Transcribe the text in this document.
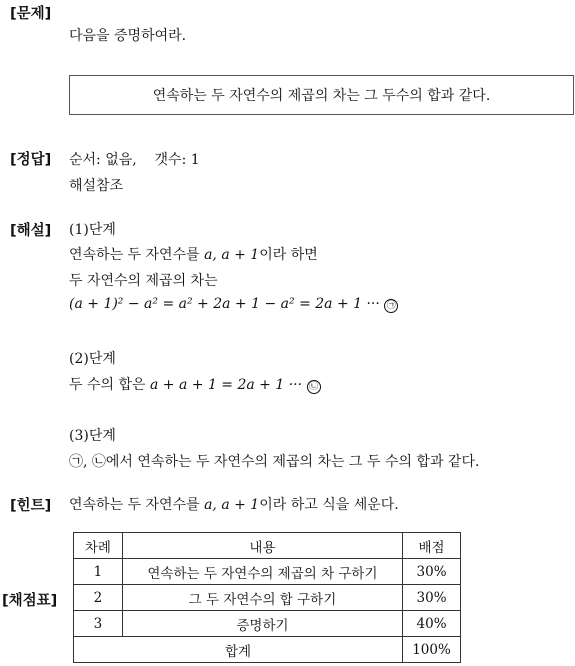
[문제]
다음을 증명하여라.
연속하는 두 자연수의 제곱의 차는 그 두수의 합과 같다.
[정답] 순서: 없음, 갯수: 1
해설참조
[해설] (1)단계
연속하는 두 자연수를 a, a + 1이라 하면
두 자연수의 제곱의 차는
(a + 1)² − a² = a² + 2a + 1 − a² = 2a + 1 ··· ㉠
(2)단계
두 수의 합은 a + a + 1 = 2a + 1 ··· ㉡
(3)단계
㉠, ㉡에서 연속하는 두 자연수의 제곱의 차는 그 두 수의 합과 같다.
[힌트] 연속하는 두 자연수를 a, a + 1이라 하고 식을 세운다.
[채점표]
차례	내용	배점
1	연속하는 두 자연수의 제곱의 차 구하기	30%
2	그 두 자연수의 합 구하기	30%
3	증명하기	40%
합계		100%
